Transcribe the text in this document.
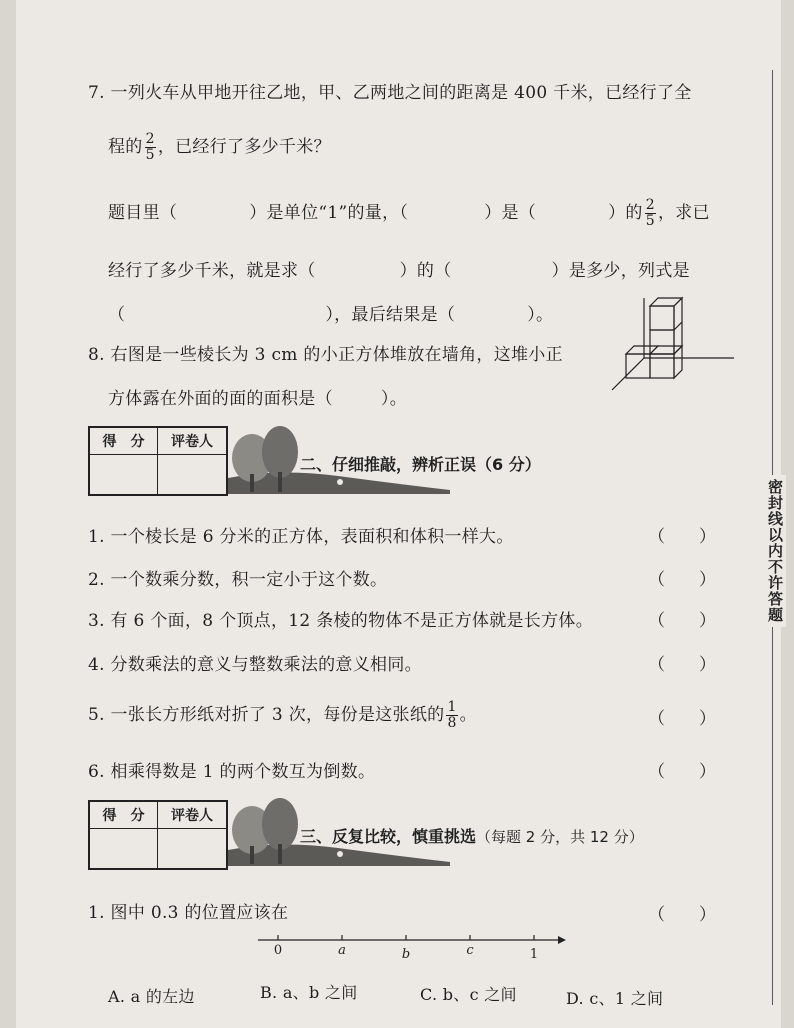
密封线以内不许答题
7. 一列火车从甲地开往乙地，甲、乙两地之间的距离是 400 千米，已经行了全
程的 $\frac{2}{5}$ ，已经行了多少千米？
题目里（	）是单位“1”的量，（	）是（	）的 $\frac{2}{5}$ ，求已
经行了多少千米，就是求（	）的（	）是多少，列式是
（	），最后结果是（	）。
8. 右图是一些棱长为 3 cm 的小正方体堆放在墙角，这堆小正
方体露在外面的面的面积是（	）。
得　分	评卷人
二、仔细推敲，辨析正误（6 分）
1. 一个棱长是 6 分米的正方体，表面积和体积一样大。	（　　）
2. 一个数乘分数，积一定小于这个数。	（　　）
3. 有 6 个面，8 个顶点，12 条棱的物体不是正方体就是长方体。	（　　）
4. 分数乘法的意义与整数乘法的意义相同。	（　　）
5. 一张长方形纸对折了 3 次，每份是这张纸的 $\frac{1}{8}$ 。	（　　）
6. 相乘得数是 1 的两个数互为倒数。	（　　）
得　分	评卷人
三、反复比较，慎重挑选（每题 2 分，共 12 分）
1. 图中 0.3 的位置应该在	（　　）
0	a	b	c	1
A. a 的左边	B. a、b 之间	C. b、c 之间	D. c、1 之间
